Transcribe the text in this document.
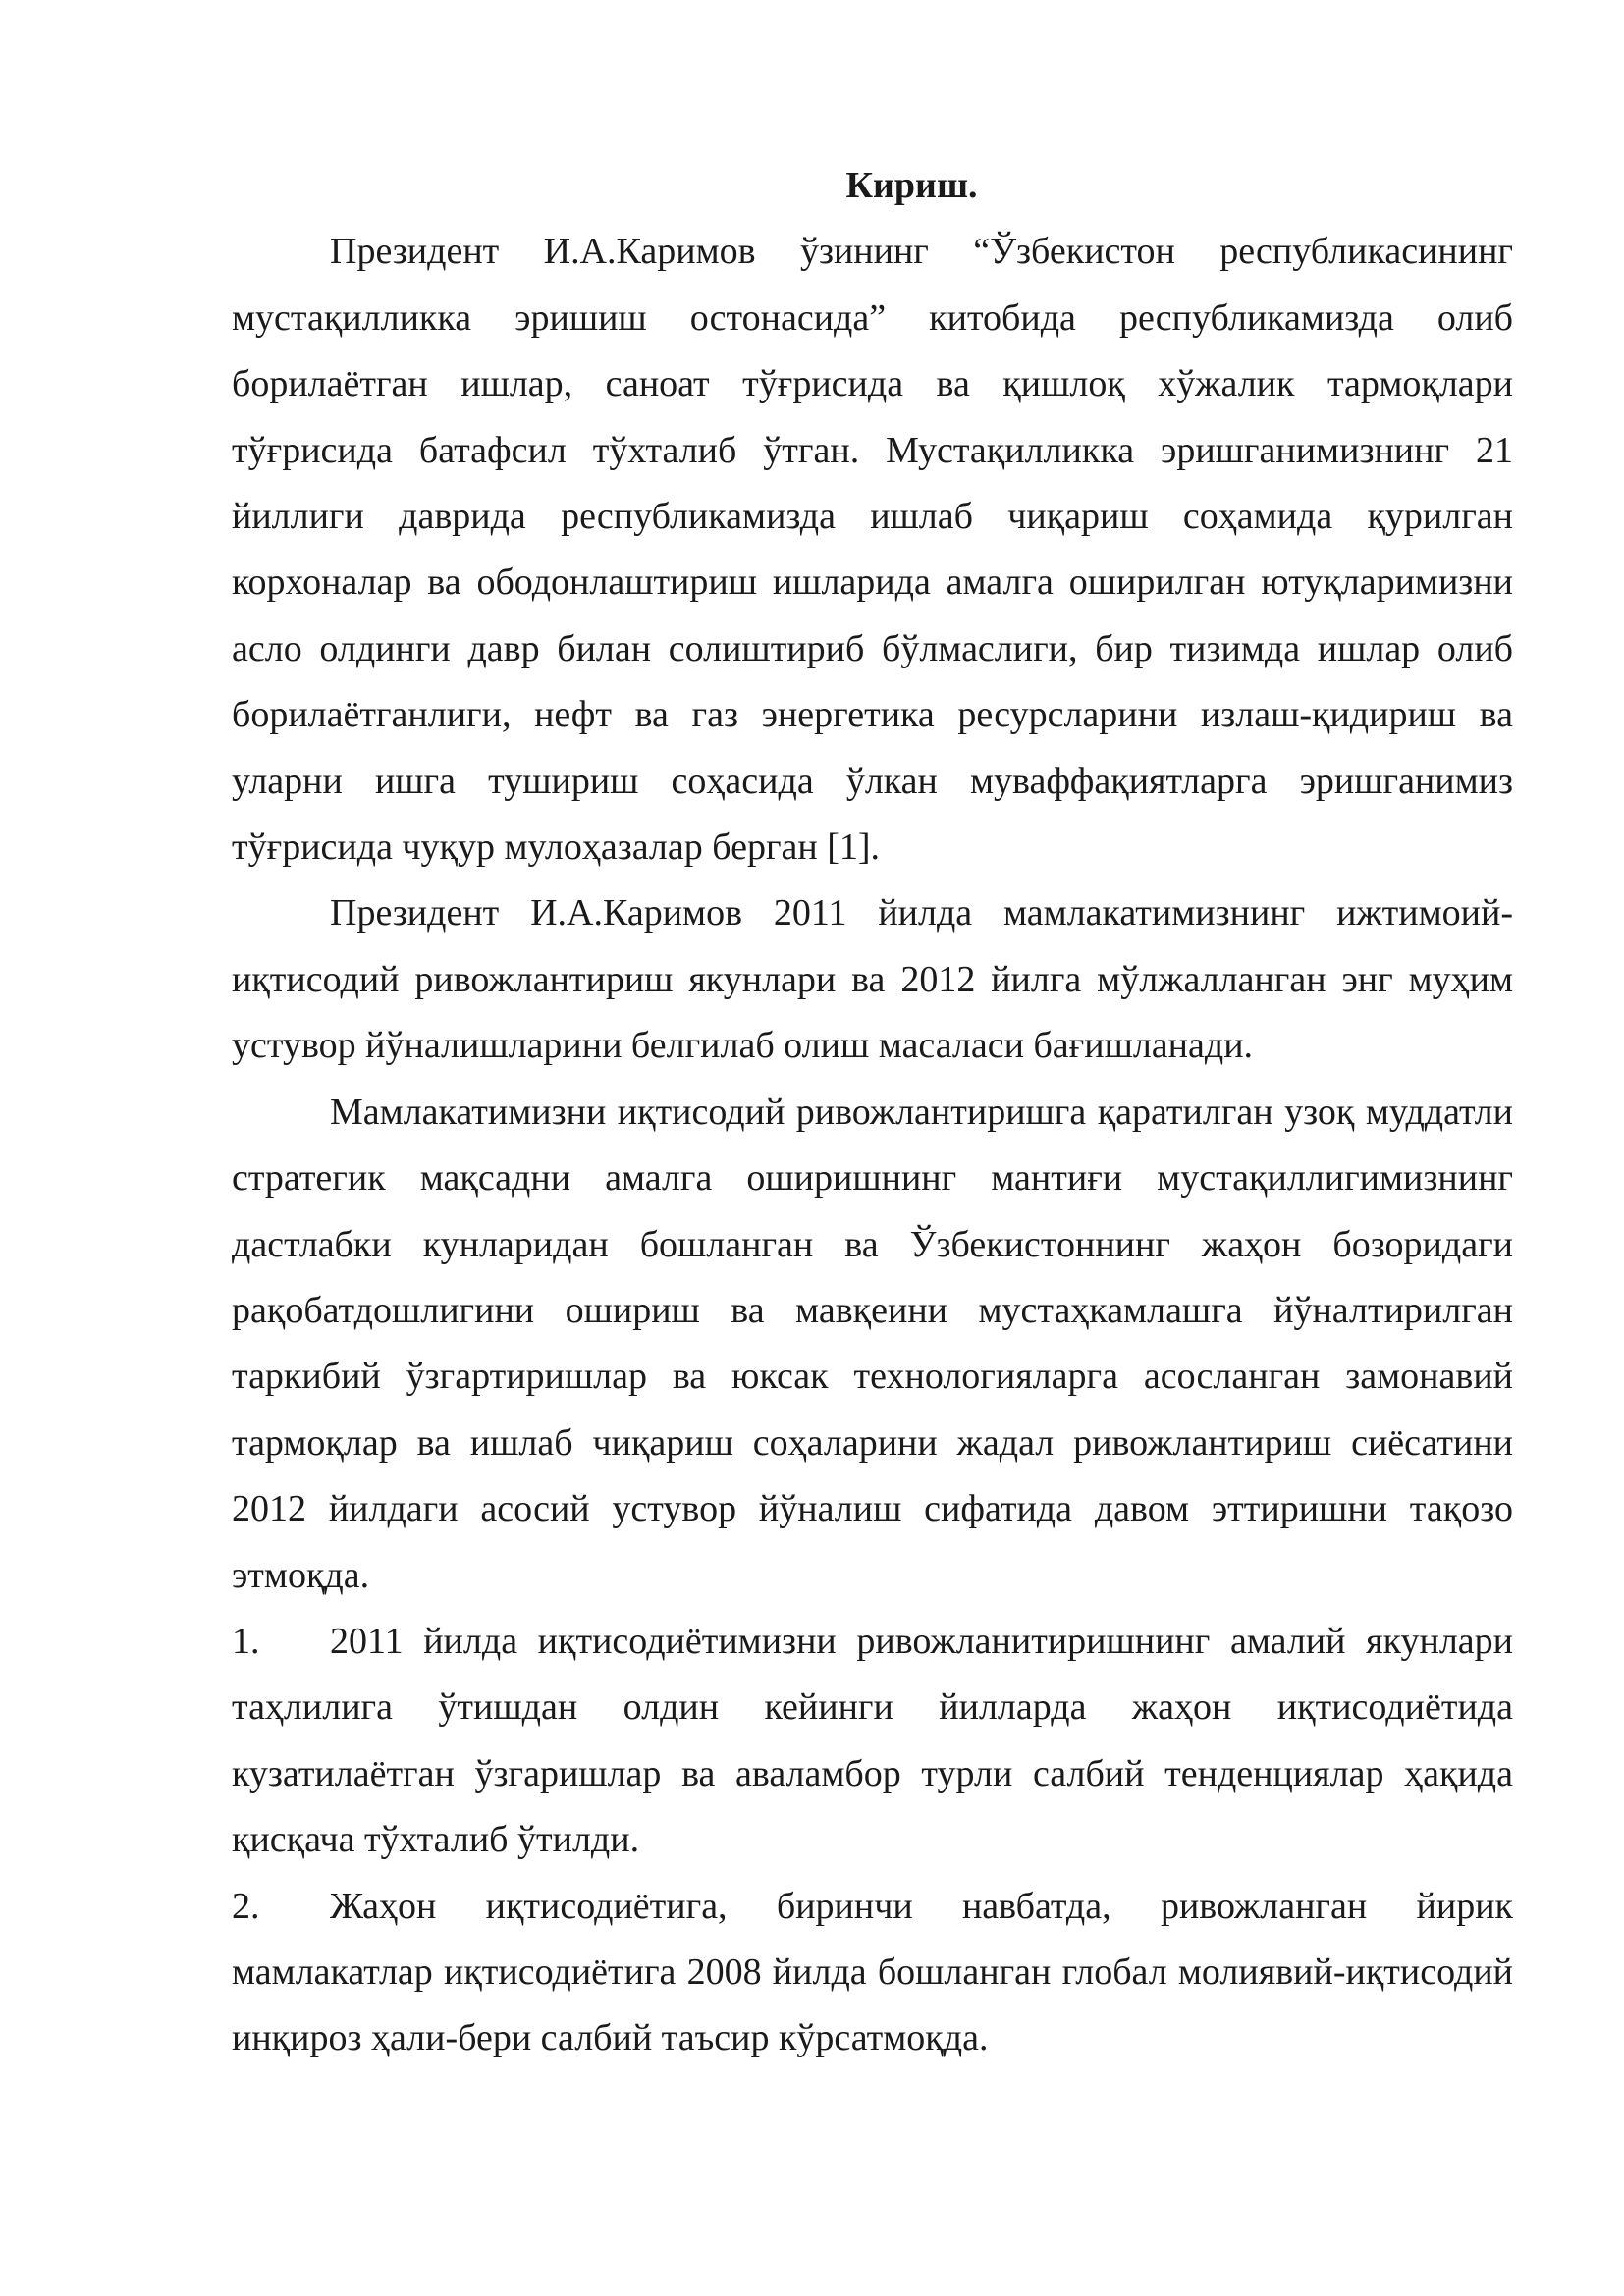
Кириш.

Президент И.А.Каримов ўзининг “Ўзбекистон республикасининг мустақилликка эришиш остонасида” китобида республикамизда олиб борилаётган ишлар, саноат тўғрисида ва қишлоқ хўжалик тармоқлари тўғрисида батафсил тўхталиб ўтган. Мустақилликка эришганимизнинг 21 йиллиги даврида республикамизда ишлаб чиқариш соҳамида қурилган корхоналар ва ободонлаштириш ишларида амалга оширилган ютуқларимизни асло олдинги давр билан солиштириб бўлмаслиги, бир тизимда ишлар олиб борилаётганлиги, нефт ва газ энергетика ресурсларини излаш-қидириш ва уларни ишга тушириш соҳасида ўлкан муваффақиятларга эришганимиз тўғрисида чуқур мулоҳазалар берган [1].

Президент И.А.Каримов 2011 йилда мамлакатимизнинг ижтимоий-иқтисодий ривожлантириш якунлари ва 2012 йилга мўлжалланган энг муҳим устувор йўналишларини белгилаб олиш масаласи бағишланади.

Мамлакатимизни иқтисодий ривожлантиришга қаратилган узоқ муддатли стратегик мақсадни амалга оширишнинг мантиғи мустақиллигимизнинг дастлабки кунларидан бошланган ва Ўзбекистоннинг жаҳон бозоридаги рақобатдошлигини ошириш ва мавқеини мустаҳкамлашга йўналтирилган таркибий ўзгартиришлар ва юксак технологияларга асосланган замонавий тармоқлар ва ишлаб чиқариш соҳаларини жадал ривожлантириш сиёсатини 2012 йилдаги асосий устувор йўналиш сифатида давом эттиришни тақозо этмоқда.

1. 2011 йилда иқтисодиётимизни ривожланитиришнинг амалий якунлари таҳлилига ўтишдан олдин кейинги йилларда жаҳон иқтисодиётида кузатилаётган ўзгаришлар ва аваламбор турли салбий тенденциялар ҳақида қисқача тўхталиб ўтилди.

2. Жаҳон иқтисодиётига, биринчи навбатда, ривожланган йирик мамлакатлар иқтисодиётига 2008 йилда бошланган глобал молиявий-иқтисодий инқироз ҳали-бери салбий таъсир кўрсатмоқда.
